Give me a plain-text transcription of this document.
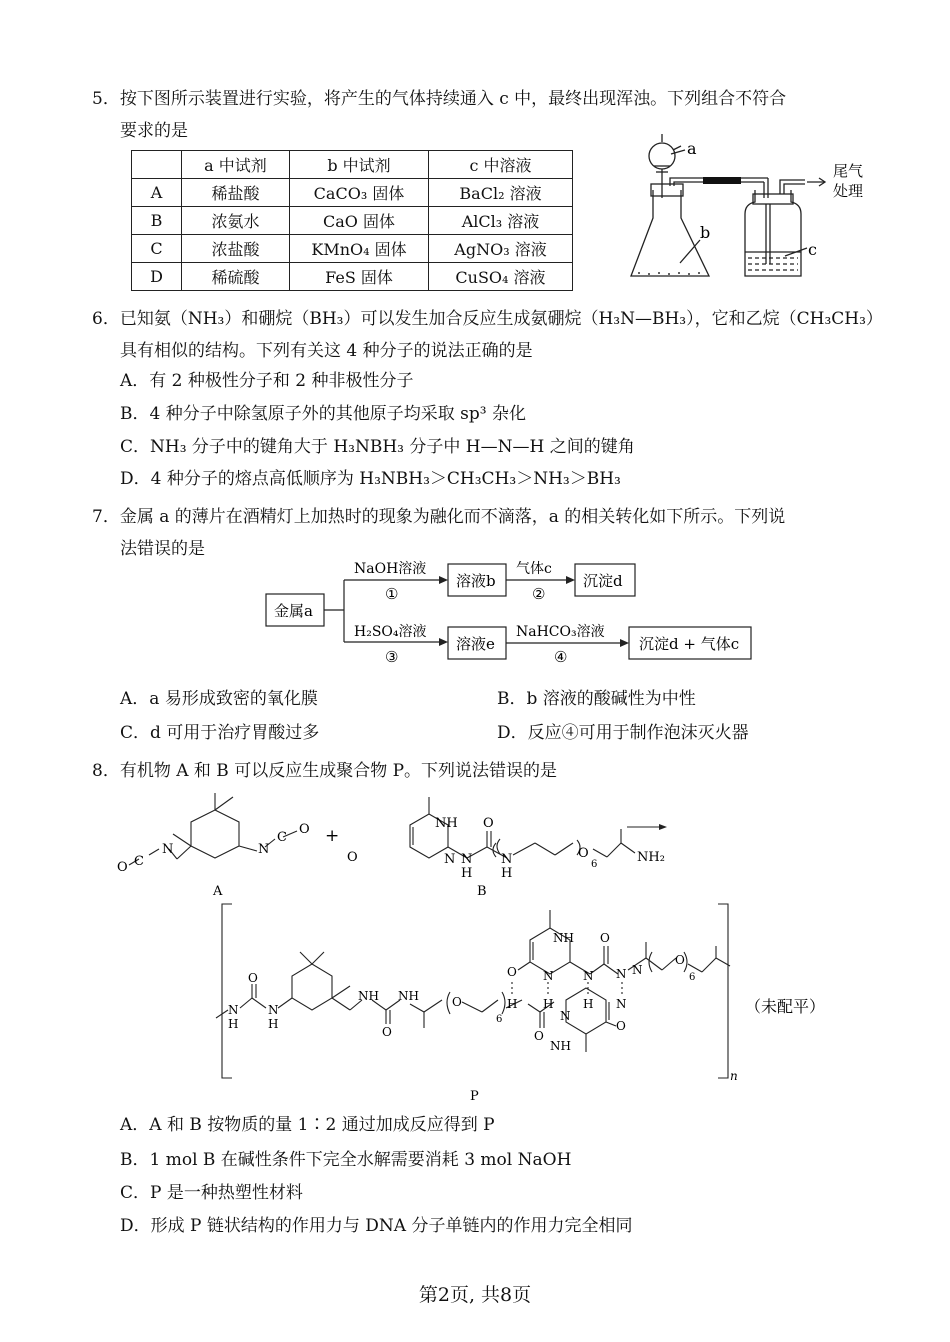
5．按下图所示装置进行实验，将产生的气体持续通入 c 中，最终出现浑浊。下列组合不符合
要求的是
	a 中试剂	b 中试剂	c 中溶液
A	稀盐酸	CaCO₃ 固体	BaCl₂ 溶液
B	浓氨水	CaO 固体	AlCl₃ 溶液
C	浓盐酸	KMnO₄ 固体	AgNO₃ 溶液
D	稀硫酸	FeS 固体	CuSO₄ 溶液
a
b
c
尾气
处理
6．已知氨（NH₃）和硼烷（BH₃）可以发生加合反应生成氨硼烷（H₃N—BH₃），它和乙烷（CH₃CH₃）
具有相似的结构。下列有关这 4 种分子的说法正确的是
A．有 2 种极性分子和 2 种非极性分子
B．4 种分子中除氢原子外的其他原子均采取 sp³ 杂化
C．NH₃ 分子中的键角大于 H₃NBH₃ 分子中 H—N—H 之间的键角
D．4 种分子的熔点高低顺序为 H₃NBH₃＞CH₃CH₃＞NH₃＞BH₃
7．金属 a 的薄片在酒精灯上加热时的现象为融化而不滴落，a 的相关转化如下所示。下列说
法错误的是
金属a
NaOH溶液
①
溶液b
气体c
②
沉淀d
H₂SO₄溶液
③
溶液e
NaHCO₃溶液
④
沉淀d + 气体c
A．a 易形成致密的氧化膜	B．b 溶液的酸碱性为中性
C．d 可用于治疗胃酸过多	D．反应④可用于制作泡沫灭火器
8．有机物 A 和 B 可以反应生成聚合物 P。下列说法错误的是
O C
N	N
C
O +
O
NH
N N
H
O
N
H
O
6	NH₂
A	B
N
H
O
N
H
NH
O
NH	O
6
O
H
N
H
NH
N
H
O
N
N
O
N
NH
O
N
O
6
n
（未配平）
P
A．A 和 B 按物质的量 1∶2 通过加成反应得到 P
B．1 mol B 在碱性条件下完全水解需要消耗 3 mol NaOH
C．P 是一种热塑性材料
D．形成 P 链状结构的作用力与 DNA 分子单链内的作用力完全相同
第2页, 共8页
